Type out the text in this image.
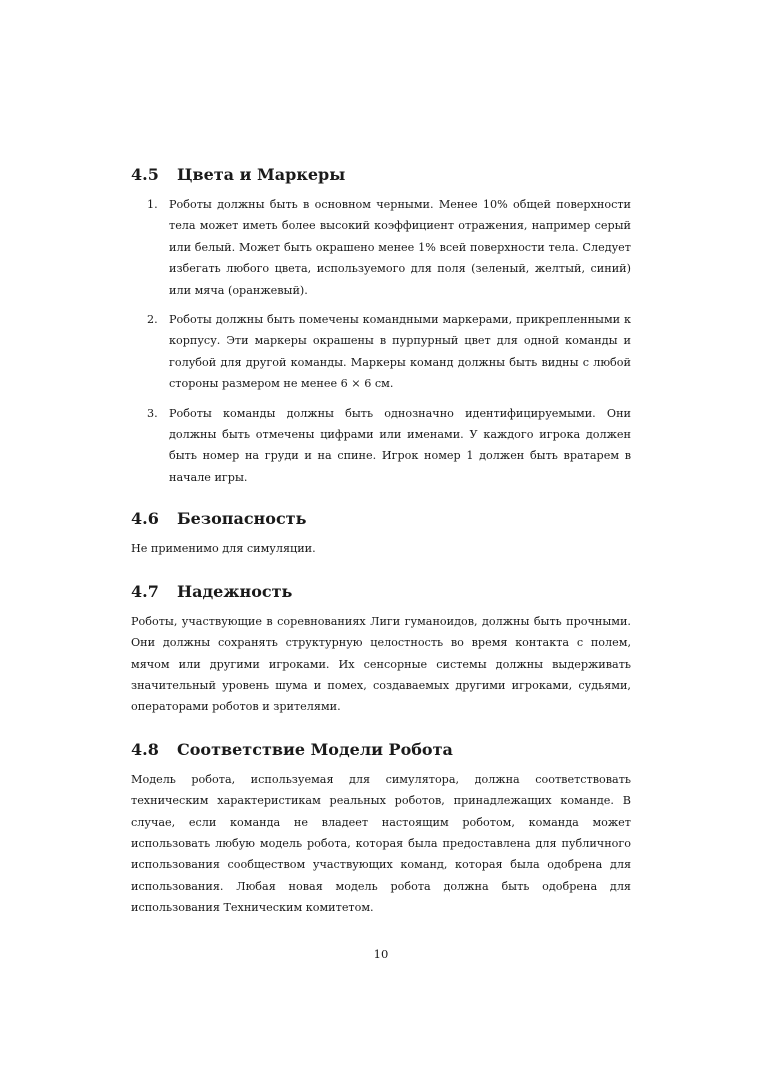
4.5 Цвета и Маркеры
1. Роботы должны быть в основном черными. Менее 10% общей поверхности тела может иметь более высокий коэффициент отражения, например серый или белый. Может быть окрашено менее 1% всей поверхности тела. Следует избегать любого цвета, используемого для поля (зеленый, желтый, синий) или мяча (оранжевый).

2. Роботы должны быть помечены командными маркерами, прикрепленными к корпусу. Эти маркеры окрашены в пурпурный цвет для одной команды и голубой для другой команды. Маркеры команд должны быть видны с любой стороны размером не менее 6 × 6 см.

3. Роботы команды должны быть однозначно идентифицируемыми. Они должны быть отмечены цифрами или именами. У каждого игрока должен быть номер на груди и на спине. Игрок номер 1 должен быть вратарем в начале игры.

4.6 Безопасность

Не применимо для симуляции.

4.7 Надежность

Роботы, участвующие в соревнованиях Лиги гуманоидов, должны быть прочными. Они должны сохранять структурную целостность во время контакта с полем, мячом или другими игроками. Их сенсорные системы должны выдерживать значительный уровень шума и помех, создаваемых другими игроками, судьями, операторами роботов и зрителями.

4.8 Соответствие Модели Робота

Модель робота, используемая для симулятора, должна соответствовать техническим характеристикам реальных роботов, принадлежащих команде. В случае, если команда не владеет настоящим роботом, команда может использовать любую модель робота, которая была предоставлена для публичного использования сообществом участвующих команд, которая была одобрена для использования. Любая новая модель робота должна быть одобрена для использования Техническим комитетом.

10
